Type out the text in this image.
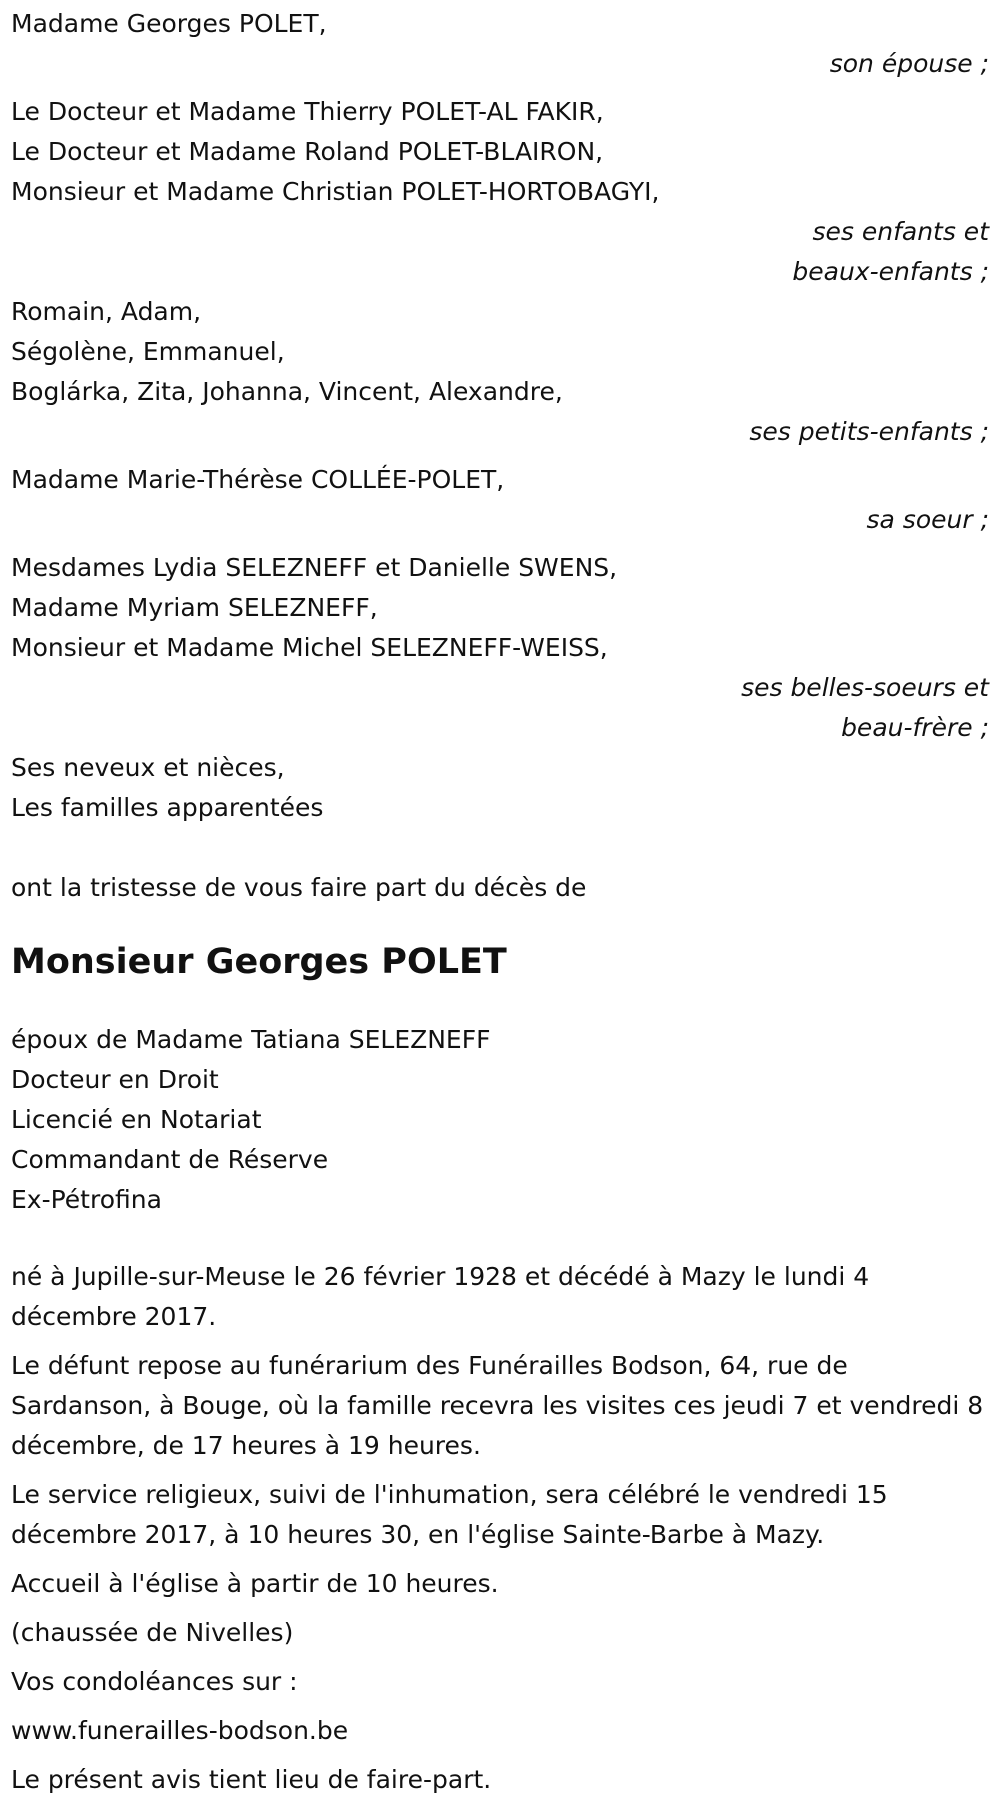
Madame Georges POLET,

son épouse ;

Le Docteur et Madame Thierry POLET-AL FAKIR,

Le Docteur et Madame Roland POLET-BLAIRON,

Monsieur et Madame Christian POLET-HORTOBAGYI,

ses enfants et

beaux-enfants ;

Romain, Adam,

Ségolène, Emmanuel,

Boglárka, Zita, Johanna, Vincent, Alexandre,

ses petits-enfants ;

Madame Marie-Thérèse COLLÉE-POLET,

sa soeur ;

Mesdames Lydia SELEZNEFF et Danielle SWENS,

Madame Myriam SELEZNEFF,

Monsieur et Madame Michel SELEZNEFF-WEISS,

ses belles-soeurs et

beau-frère ;

Ses neveux et nièces,

Les familles apparentées

ont la tristesse de vous faire part du décès de

Monsieur Georges POLET

époux de Madame Tatiana SELEZNEFF

Docteur en Droit

Licencié en Notariat

Commandant de Réserve

Ex-Pétrofina

né à Jupille-sur-Meuse le 26 février 1928 et décédé à Mazy le lundi 4 décembre 2017.

Le défunt repose au funérarium des Funérailles Bodson, 64, rue de Sardanson, à Bouge, où la famille recevra les visites ces jeudi 7 et vendredi 8 décembre, de 17 heures à 19 heures.

Le service religieux, suivi de l'inhumation, sera célébré le vendredi 15 décembre 2017, à 10 heures 30, en l'église Sainte-Barbe à Mazy.

Accueil à l'église à partir de 10 heures.

(chaussée de Nivelles)

Vos condoléances sur :

www.funerailles-bodson.be

Le présent avis tient lieu de faire-part.
